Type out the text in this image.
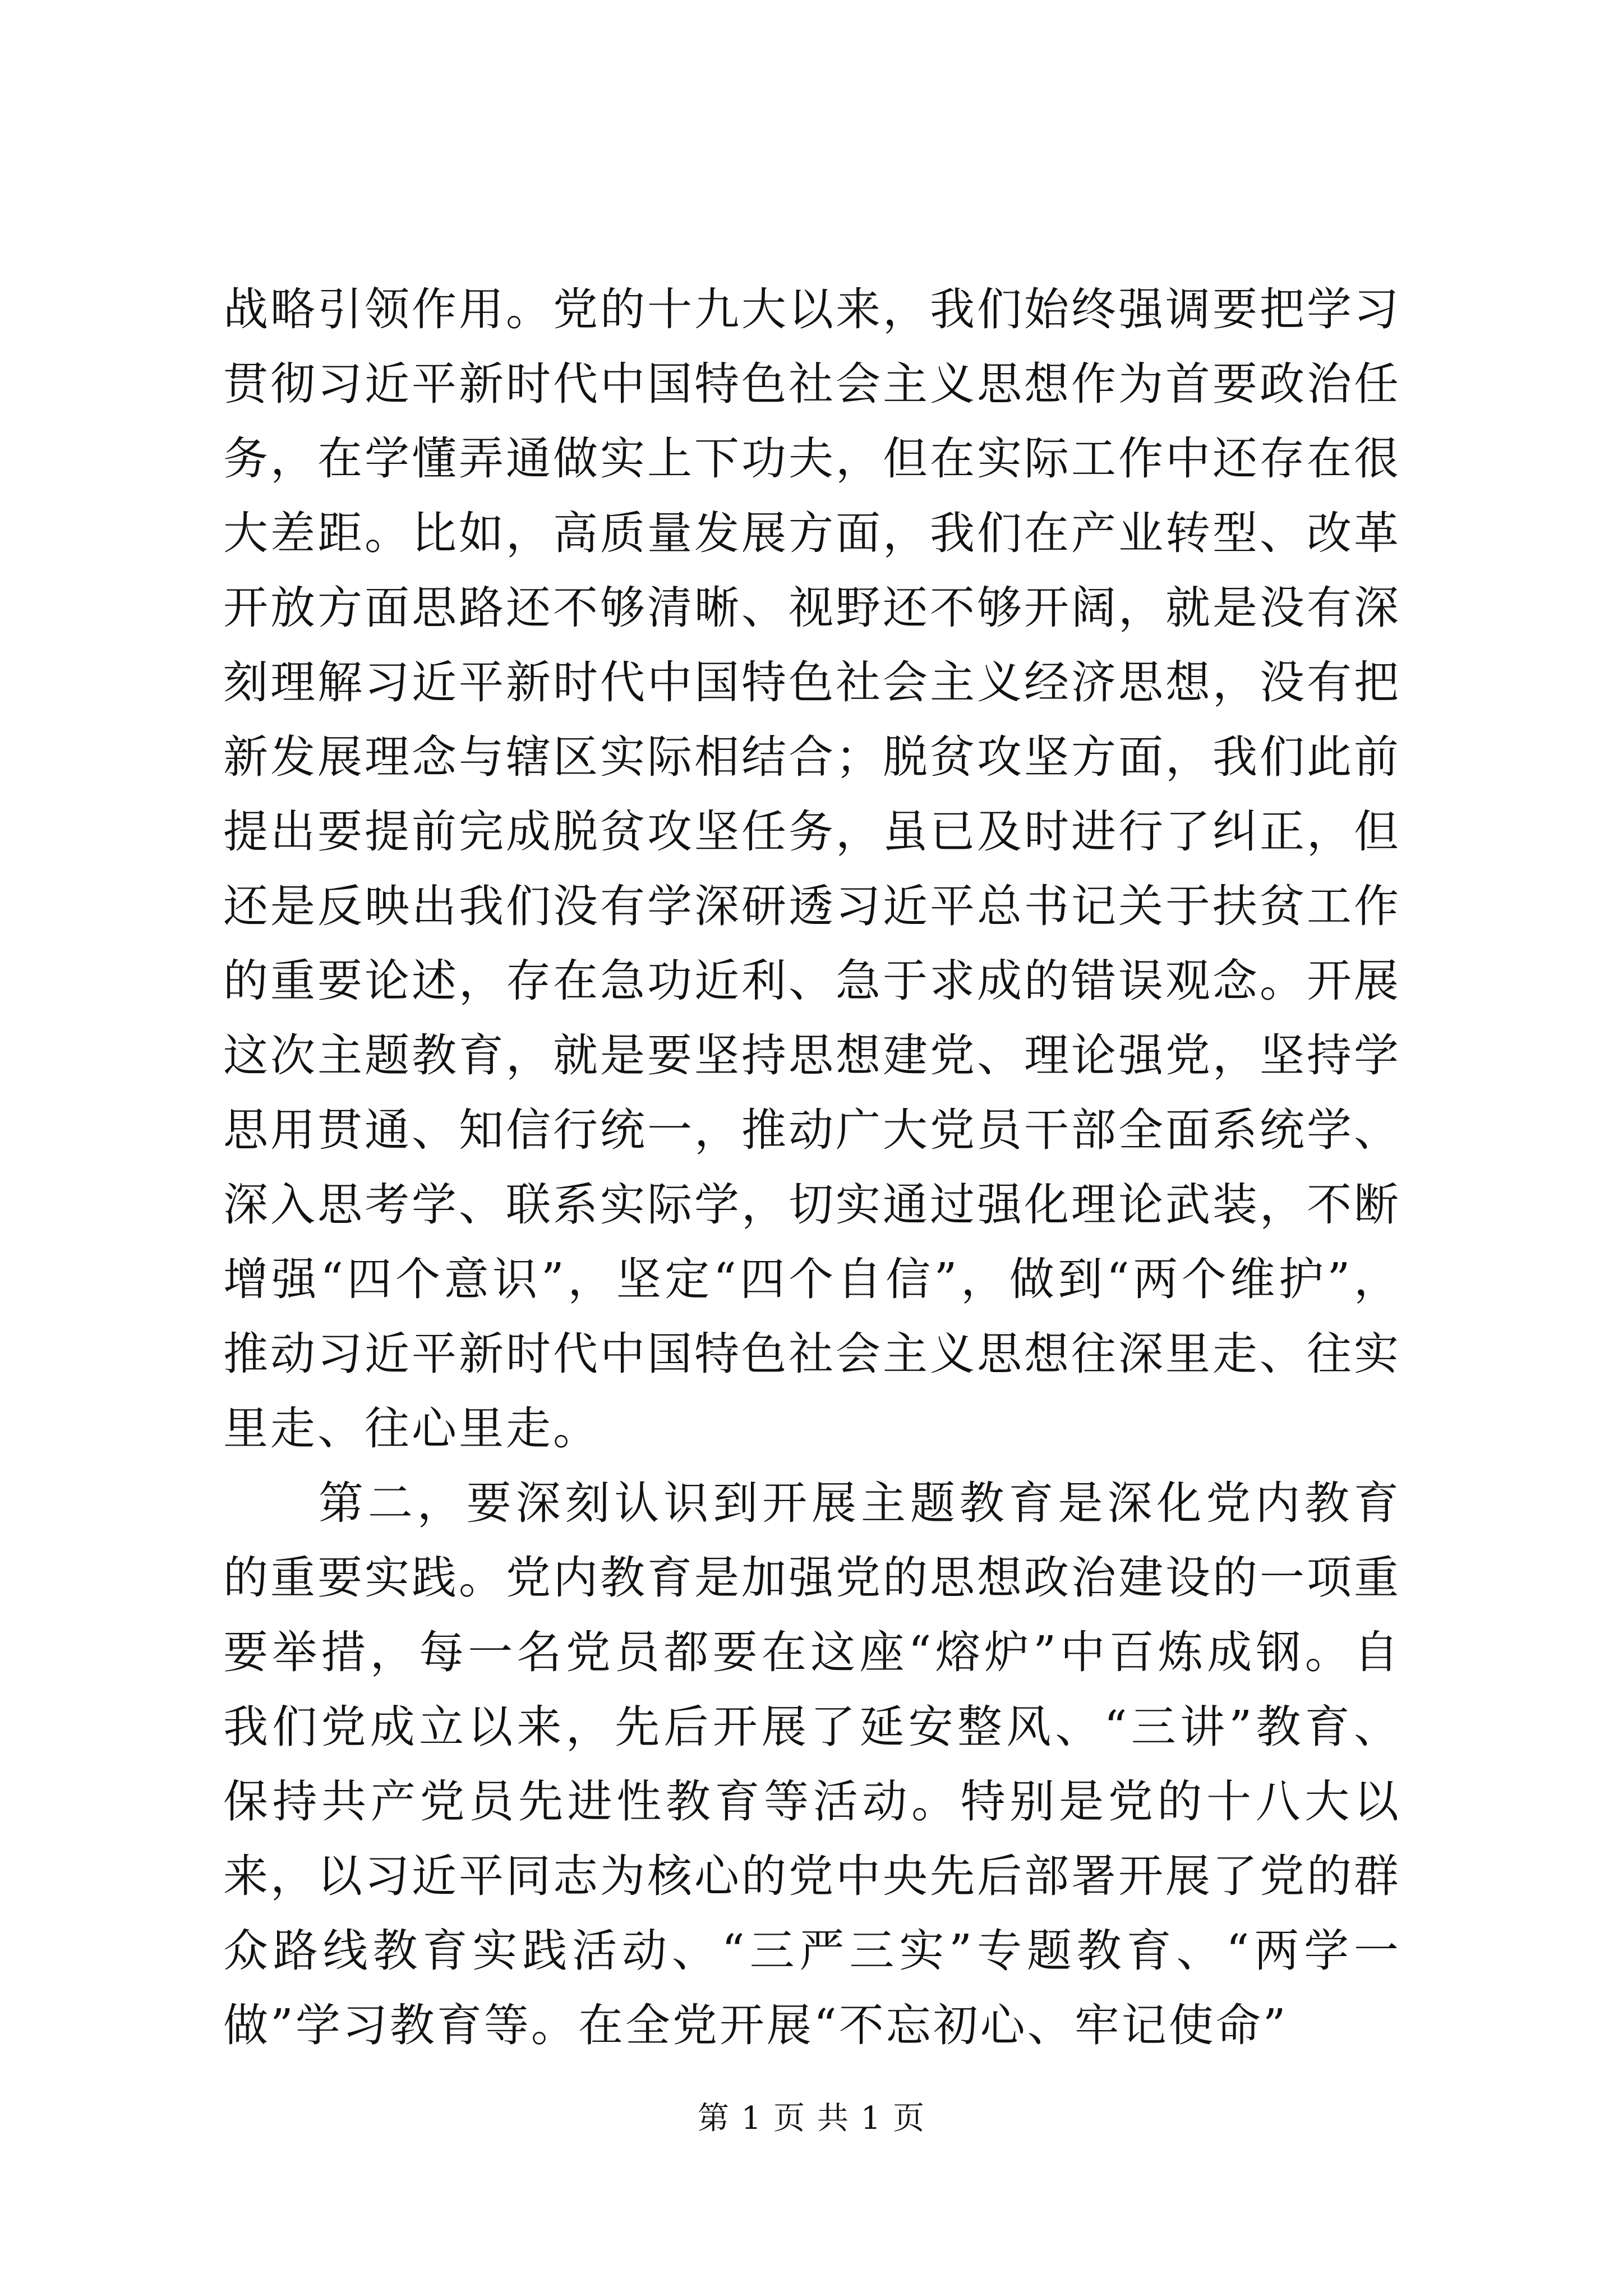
战略引领作用。党的十九大以来，我们始终强调要把学习贯彻习近平新时代中国特色社会主义思想作为首要政治任务，在学懂弄通做实上下功夫，但在实际工作中还存在很大差距。比如，高质量发展方面，我们在产业转型、改革开放方面思路还不够清晰、视野还不够开阔，就是没有深刻理解习近平新时代中国特色社会主义经济思想，没有把新发展理念与辖区实际相结合；脱贫攻坚方面，我们此前提出要提前完成脱贫攻坚任务，虽已及时进行了纠正，但还是反映出我们没有学深研透习近平总书记关于扶贫工作的重要论述，存在急功近利、急于求成的错误观念。开展这次主题教育，就是要坚持思想建党、理论强党，坚持学思用贯通、知信行统一，推动广大党员干部全面系统学、深入思考学、联系实际学，切实通过强化理论武装，不断增强“四个意识”，坚定“四个自信”，做到“两个维护”，推动习近平新时代中国特色社会主义思想往深里走、往实里走、往心里走。

第二，要深刻认识到开展主题教育是深化党内教育的重要实践。党内教育是加强党的思想政治建设的一项重要举措，每一名党员都要在这座“熔炉”中百炼成钢。自我们党成立以来，先后开展了延安整风、“三讲”教育、保持共产党员先进性教育等活动。特别是党的十八大以来，以习近平同志为核心的党中央先后部署开展了党的群众路线教育实践活动、“三严三实”专题教育、“两学一做”学习教育等。在全党开展“不忘初心、牢记使命”

第 1 页 共 1 页
